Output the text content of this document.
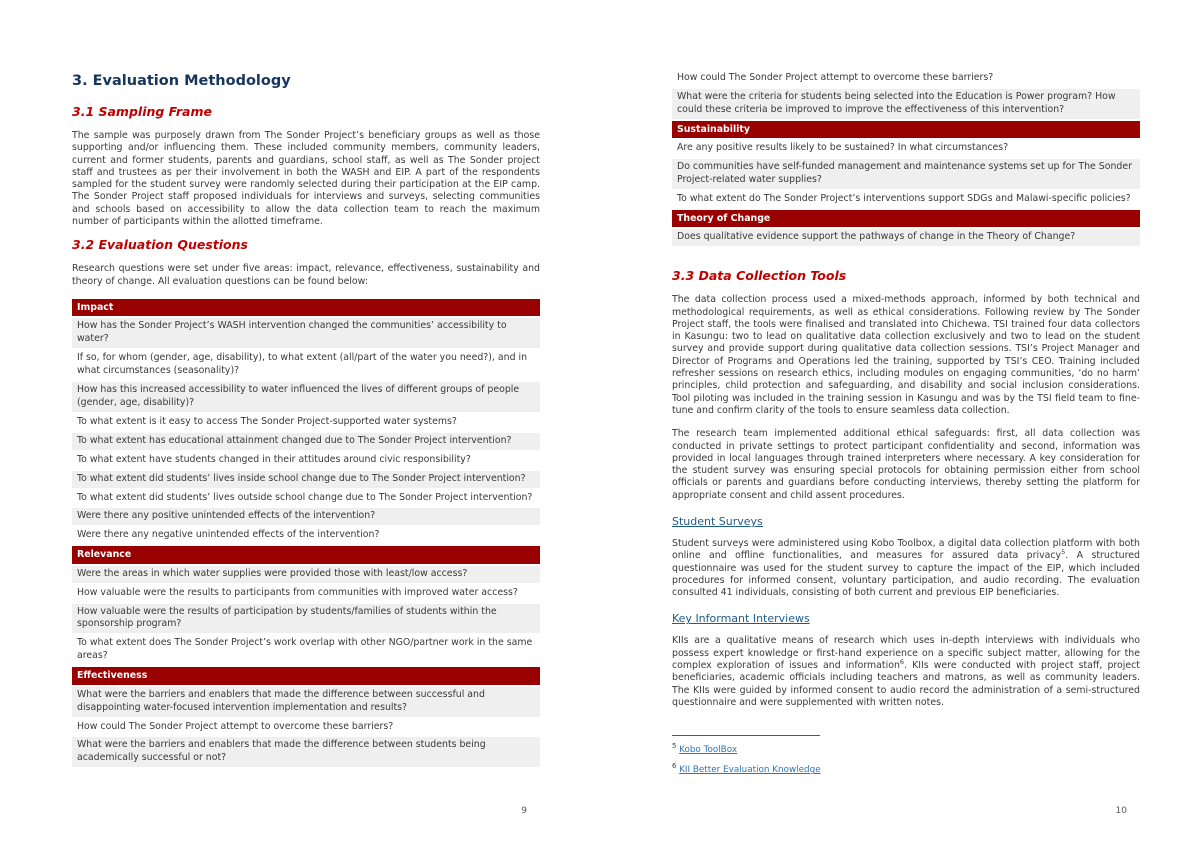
3. Evaluation Methodology
3.1 Sampling Frame

The sample was purposely drawn from The Sonder Project’s beneficiary groups as well as those supporting and/or influencing them. These included community members, community leaders, current and former students, parents and guardians, school staff, as well as The Sonder project staff and trustees as per their involvement in both the WASH and EIP. A part of the respondents sampled for the student survey were randomly selected during their participation at the EIP camp. The Sonder Project staff proposed individuals for interviews and surveys, selecting communities and schools based on accessibility to allow the data collection team to reach the maximum number of participants within the allotted timeframe.

3.2 Evaluation Questions

Research questions were set under five areas: impact, relevance, effectiveness, sustainability and theory of change. All evaluation questions can be found below:

Impact
How has the Sonder Project’s WASH intervention changed the communities’ accessibility to water?
If so, for whom (gender, age, disability), to what extent (all/part of the water you need?), and in what circumstances (seasonality)?
How has this increased accessibility to water influenced the lives of different groups of people (gender, age, disability)?
To what extent is it easy to access The Sonder Project-supported water systems?
To what extent has educational attainment changed due to The Sonder Project intervention?
To what extent have students changed in their attitudes around civic responsibility?
To what extent did students’ lives inside school change due to The Sonder Project intervention?
To what extent did students’ lives outside school change due to The Sonder Project intervention?
Were there any positive unintended effects of the intervention?
Were there any negative unintended effects of the intervention?
Relevance
Were the areas in which water supplies were provided those with least/low access?
How valuable were the results to participants from communities with improved water access?
How valuable were the results of participation by students/families of students within the sponsorship program?
To what extent does The Sonder Project’s work overlap with other NGO/partner work in the same areas?
Effectiveness
What were the barriers and enablers that made the difference between successful and disappointing water-focused intervention implementation and results?
How could The Sonder Project attempt to overcome these barriers?
What were the barriers and enablers that made the difference between students being academically successful or not?
9
How could The Sonder Project attempt to overcome these barriers?
What were the criteria for students being selected into the Education is Power program? How could these criteria be improved to improve the effectiveness of this intervention?
Sustainability
Are any positive results likely to be sustained? In what circumstances?
Do communities have self-funded management and maintenance systems set up for The Sonder Project-related water supplies?
To what extent do The Sonder Project’s interventions support SDGs and Malawi-specific policies?
Theory of Change
Does qualitative evidence support the pathways of change in the Theory of Change?
3.3 Data Collection Tools

The data collection process used a mixed-methods approach, informed by both technical and methodological requirements, as well as ethical considerations. Following review by The Sonder Project staff, the tools were finalised and translated into Chichewa. TSI trained four data collectors in Kasungu: two to lead on qualitative data collection exclusively and two to lead on the student survey and provide support during qualitative data collection sessions. TSI’s Project Manager and Director of Programs and Operations led the training, supported by TSI’s CEO. Training included refresher sessions on research ethics, including modules on engaging communities, ‘do no harm’ principles, child protection and safeguarding, and disability and social inclusion considerations. Tool piloting was included in the training session in Kasungu and was by the TSI field team to fine-tune and confirm clarity of the tools to ensure seamless data collection.

The research team implemented additional ethical safeguards: first, all data collection was conducted in private settings to protect participant confidentiality and second, information was provided in local languages through trained interpreters where necessary. A key consideration for the student survey was ensuring special protocols for obtaining permission either from school officials or parents and guardians before conducting interviews, thereby setting the platform for appropriate consent and child assent procedures.

Student Surveys

Student surveys were administered using Kobo Toolbox, a digital data collection platform with both online and offline functionalities, and measures for assured data privacy$^5$. A structured questionnaire was used for the student survey to capture the impact of the EIP, which included procedures for informed consent, voluntary participation, and audio recording. The evaluation consulted 41 individuals, consisting of both current and previous EIP beneficiaries.

Key Informant Interviews

KIIs are a qualitative means of research which uses in-depth interviews with individuals who possess expert knowledge or first-hand experience on a specific subject matter, allowing for the complex exploration of issues and information$^6$. KIIs were conducted with project staff, project beneficiaries, academic officials including teachers and matrons, as well as community leaders. The KIIs were guided by informed consent to audio record the administration of a semi-structured questionnaire and were supplemented with written notes.

$^5$ Kobo ToolBox
$^6$ KII Better Evaluation Knowledge
10
